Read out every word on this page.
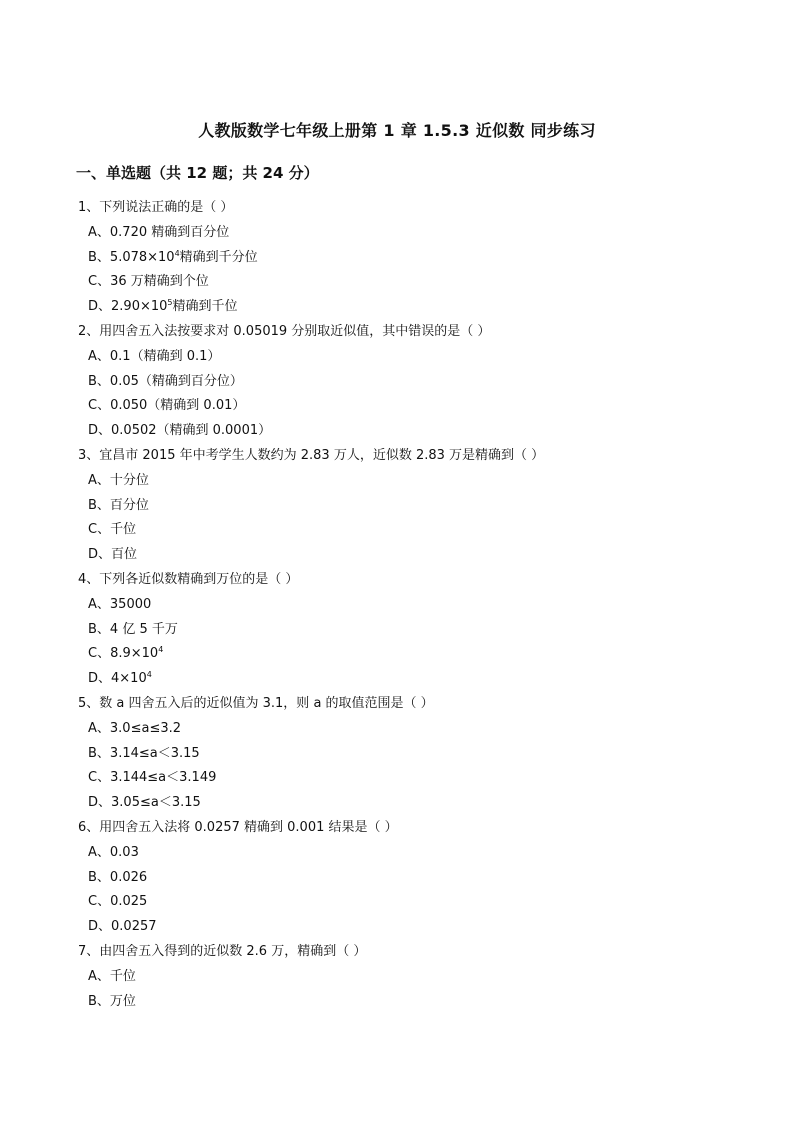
人教版数学七年级上册第 1 章 1.5.3 近似数 同步练习
一、单选题（共 12 题；共 24 分）
1、下列说法正确的是（ ）
A、0.720 精确到百分位
B、$5.078\times 10^4$精确到千分位
C、36 万精确到个位
D、$2.90\times 10^5$精确到千位
2、用四舍五入法按要求对 0.05019 分别取近似值，其中错误的是（ ）
A、0.1（精确到 0.1）
B、0.05（精确到百分位）
C、0.050（精确到 0.01）
D、0.0502（精确到 0.0001）
3、宜昌市 2015 年中考学生人数约为 2.83 万人，近似数 2.83 万是精确到（ ）
A、十分位
B、百分位
C、千位
D、百位
4、下列各近似数精确到万位的是（ ）
A、35000
B、4 亿 5 千万
C、$8.9\times 10^4$
D、$4\times 10^4$
5、数 a 四舍五入后的近似值为 3.1，则 a 的取值范围是（ ）
A、3.0≤a≤3.2
B、3.14≤a＜3.15
C、3.144≤a＜3.149
D、3.05≤a＜3.15
6、用四舍五入法将 0.0257 精确到 0.001 结果是（ ）
A、0.03
B、0.026
C、0.025
D、0.0257
7、由四舍五入得到的近似数 2.6 万，精确到（ ）
A、千位
B、万位
